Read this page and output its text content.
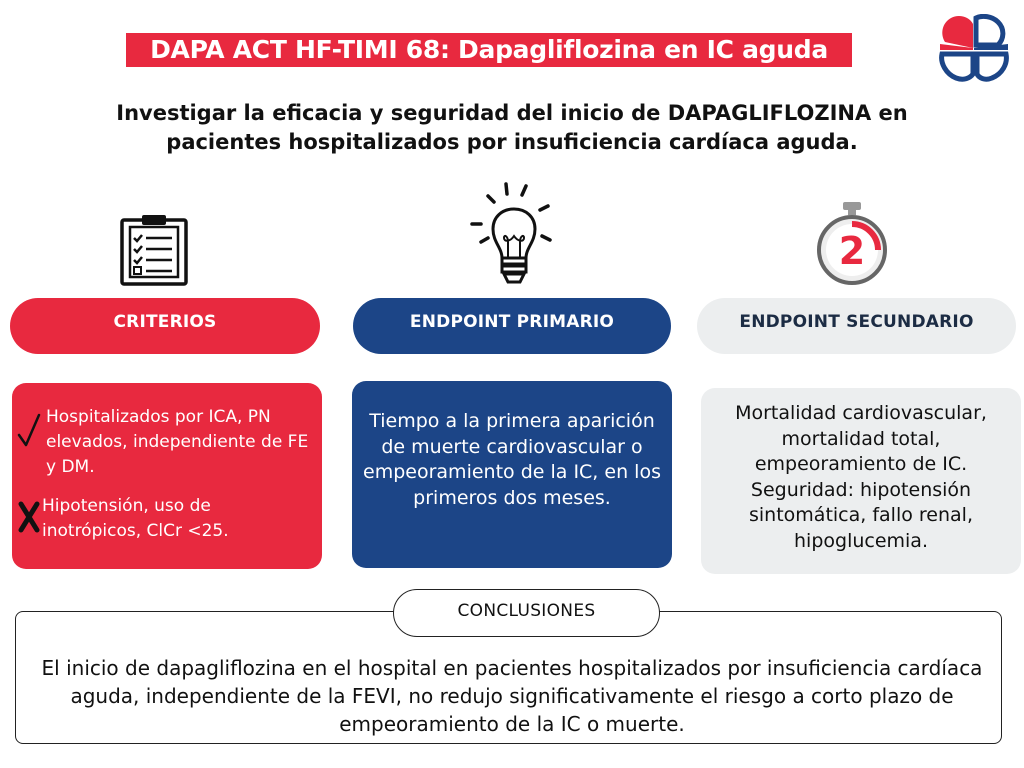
DAPA ACT HF-TIMI 68: Dapagliflozina en IC aguda
Investigar la eficacia y seguridad del inicio de DAPAGLIFLOZINA en pacientes hospitalizados por insuficiencia cardíaca aguda.
2
CRITERIOS	ENDPOINT PRIMARIO	ENDPOINT SECUNDARIO
Hospitalizados por ICA, PN elevados, independiente de FE y DM.
Hipotensión, uso de inotrópicos, ClCr <25.
Tiempo a la primera aparición de muerte cardiovascular o empeoramiento de la IC, en los primeros dos meses.
Mortalidad cardiovascular, mortalidad total, empeoramiento de IC. Seguridad: hipotensión sintomática, fallo renal, hipoglucemia.
CONCLUSIONES
El inicio de dapagliflozina en el hospital en pacientes hospitalizados por insuficiencia cardíaca aguda, independiente de la FEVI, no redujo significativamente el riesgo a corto plazo de empeoramiento de la IC o muerte.
